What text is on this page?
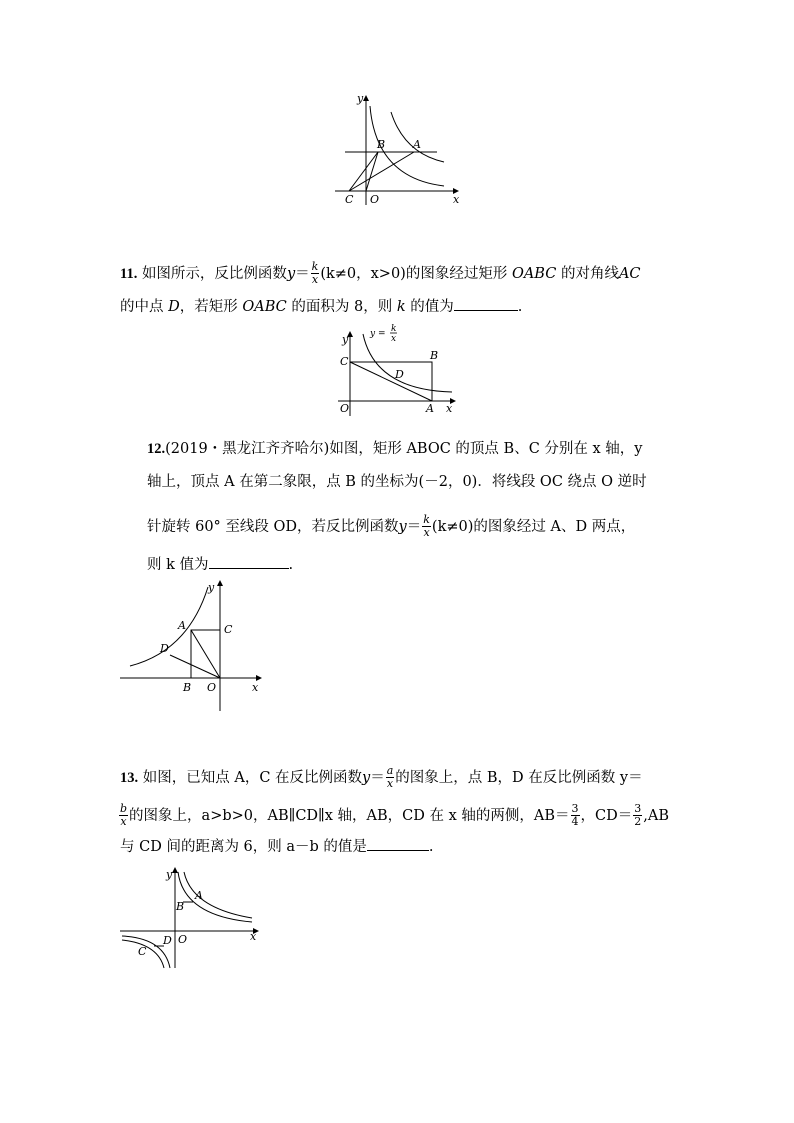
y
x
B	A
C O
11. 如图所示，反比例函数$y= \frac{k}{x} (k\ne 0$，x>0)的图象经过矩形 OABC 的对角线AC
的中点 D，若矩形 OABC 的面积为 8，则 k 的值为	.
y y = k
x
C	B
D
O	A x
12.(2019・黑龙江齐齐哈尔)如图，矩形 ABOC 的顶点 B、C 分别在 x 轴，y
轴上，顶点 A 在第二象限，点 B 的坐标为(－2，0)．将线段 OC 绕点 O 逆时
针旋转 60° 至线段 OD，若反比例函数$y= \frac{k}{x} (k\ne 0)$的图象经过 A、D 两点，
则 k 值为	.
y
A	C
D
B O	x
13. 如图，已知点 A，C 在反比例函数$y= \frac{a}{x}$ 的图象上，点 B，D 在反比例函数 y＝
$\frac{b}{x}$ 的图象上，a>b>0，AB∥CD∥x 轴，AB，CD 在 x 轴的两侧，$AB= \frac{3}{4}$ ，$CD= \frac{3}{2} ,AB$
与 CD 间的距离为 6，则 a－b 的值是	.
y
A
B
O	x
D
C
